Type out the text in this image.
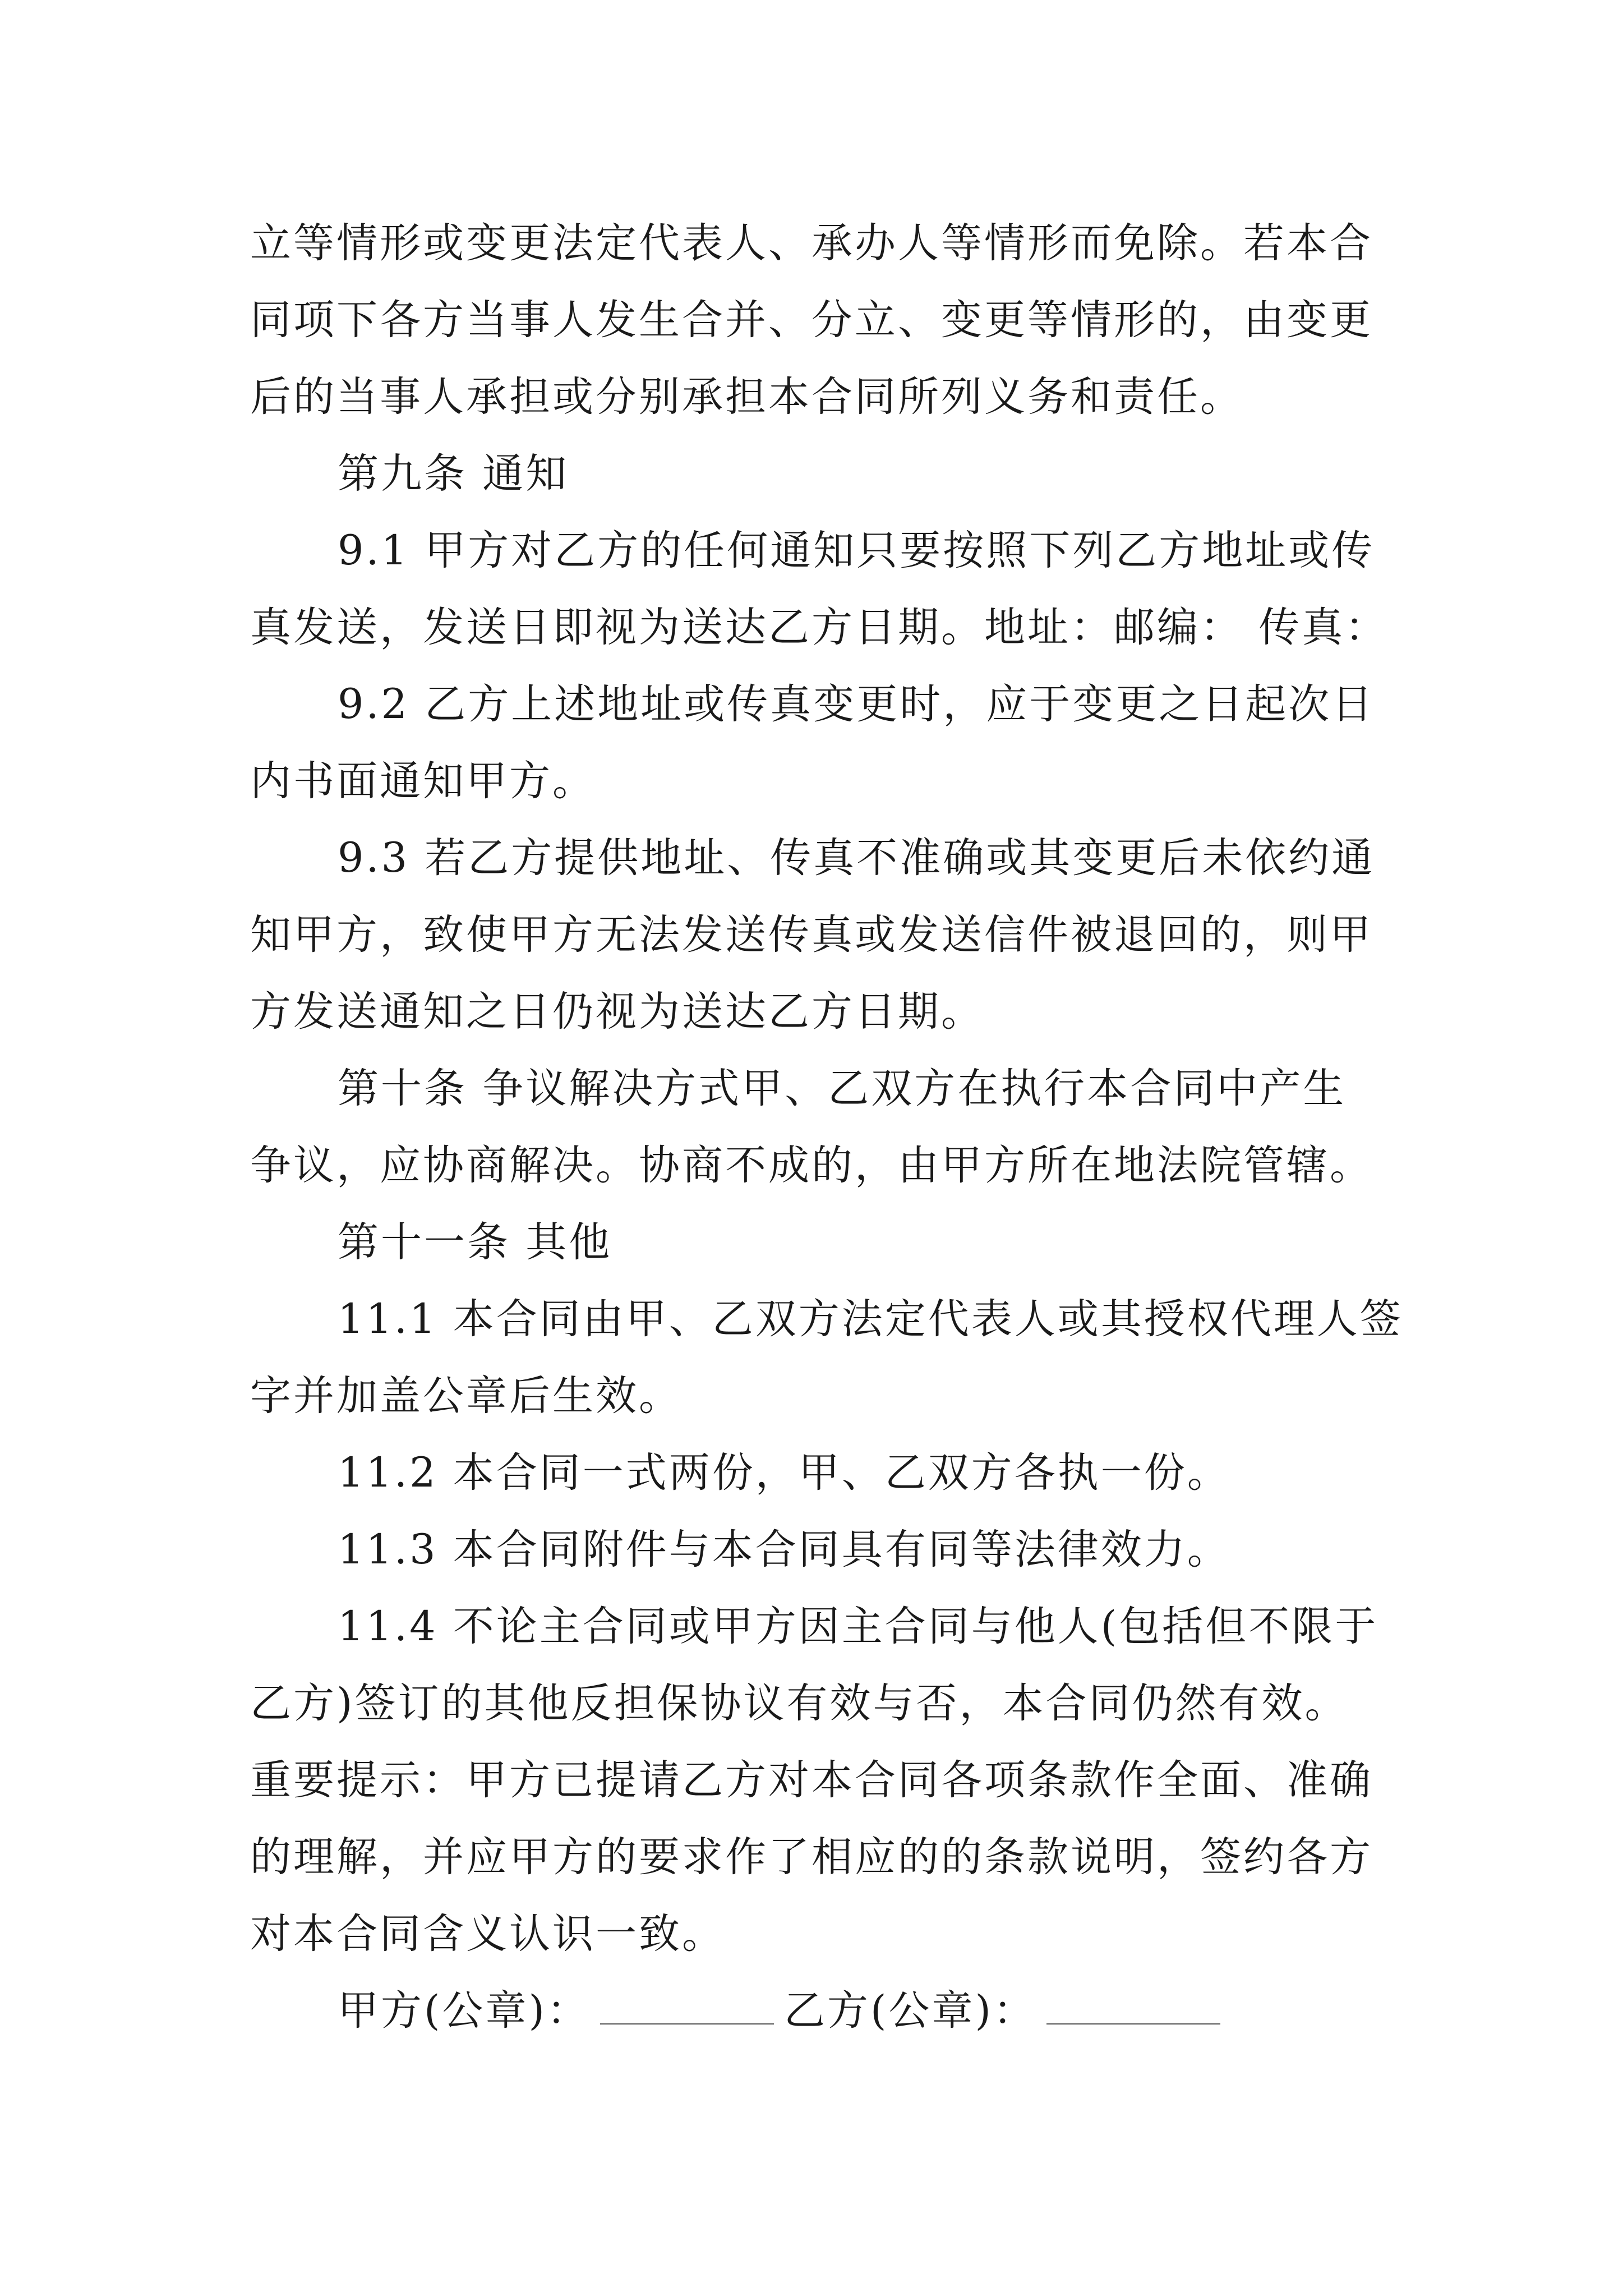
立等情形或变更法定代表人、承办人等情形而免除。若本合
同项下各方当事人发生合并、分立、变更等情形的，由变更
后的当事人承担或分别承担本合同所列义务和责任。
第九条 通知
9.1 甲方对乙方的任何通知只要按照下列乙方地址或传
真发送，发送日即视为送达乙方日期。地址：邮编： 传真：
9.2 乙方上述地址或传真变更时，应于变更之日起次日
内书面通知甲方。
9.3 若乙方提供地址、传真不准确或其变更后未依约通
知甲方，致使甲方无法发送传真或发送信件被退回的，则甲
方发送通知之日仍视为送达乙方日期。
第十条 争议解决方式甲、乙双方在执行本合同中产生
争议，应协商解决。协商不成的，由甲方所在地法院管辖。
第十一条 其他
11.1 本合同由甲、乙双方法定代表人或其授权代理人签
字并加盖公章后生效。
11.2 本合同一式两份，甲、乙双方各执一份。
11.3 本合同附件与本合同具有同等法律效力。
11.4 不论主合同或甲方因主合同与他人(包括但不限于
乙方)签订的其他反担保协议有效与否，本合同仍然有效。
重要提示：甲方已提请乙方对本合同各项条款作全面、准确
的理解，并应甲方的要求作了相应的的条款说明，签约各方
对本合同含义认识一致。
甲方(公章)：	乙方(公章)：
